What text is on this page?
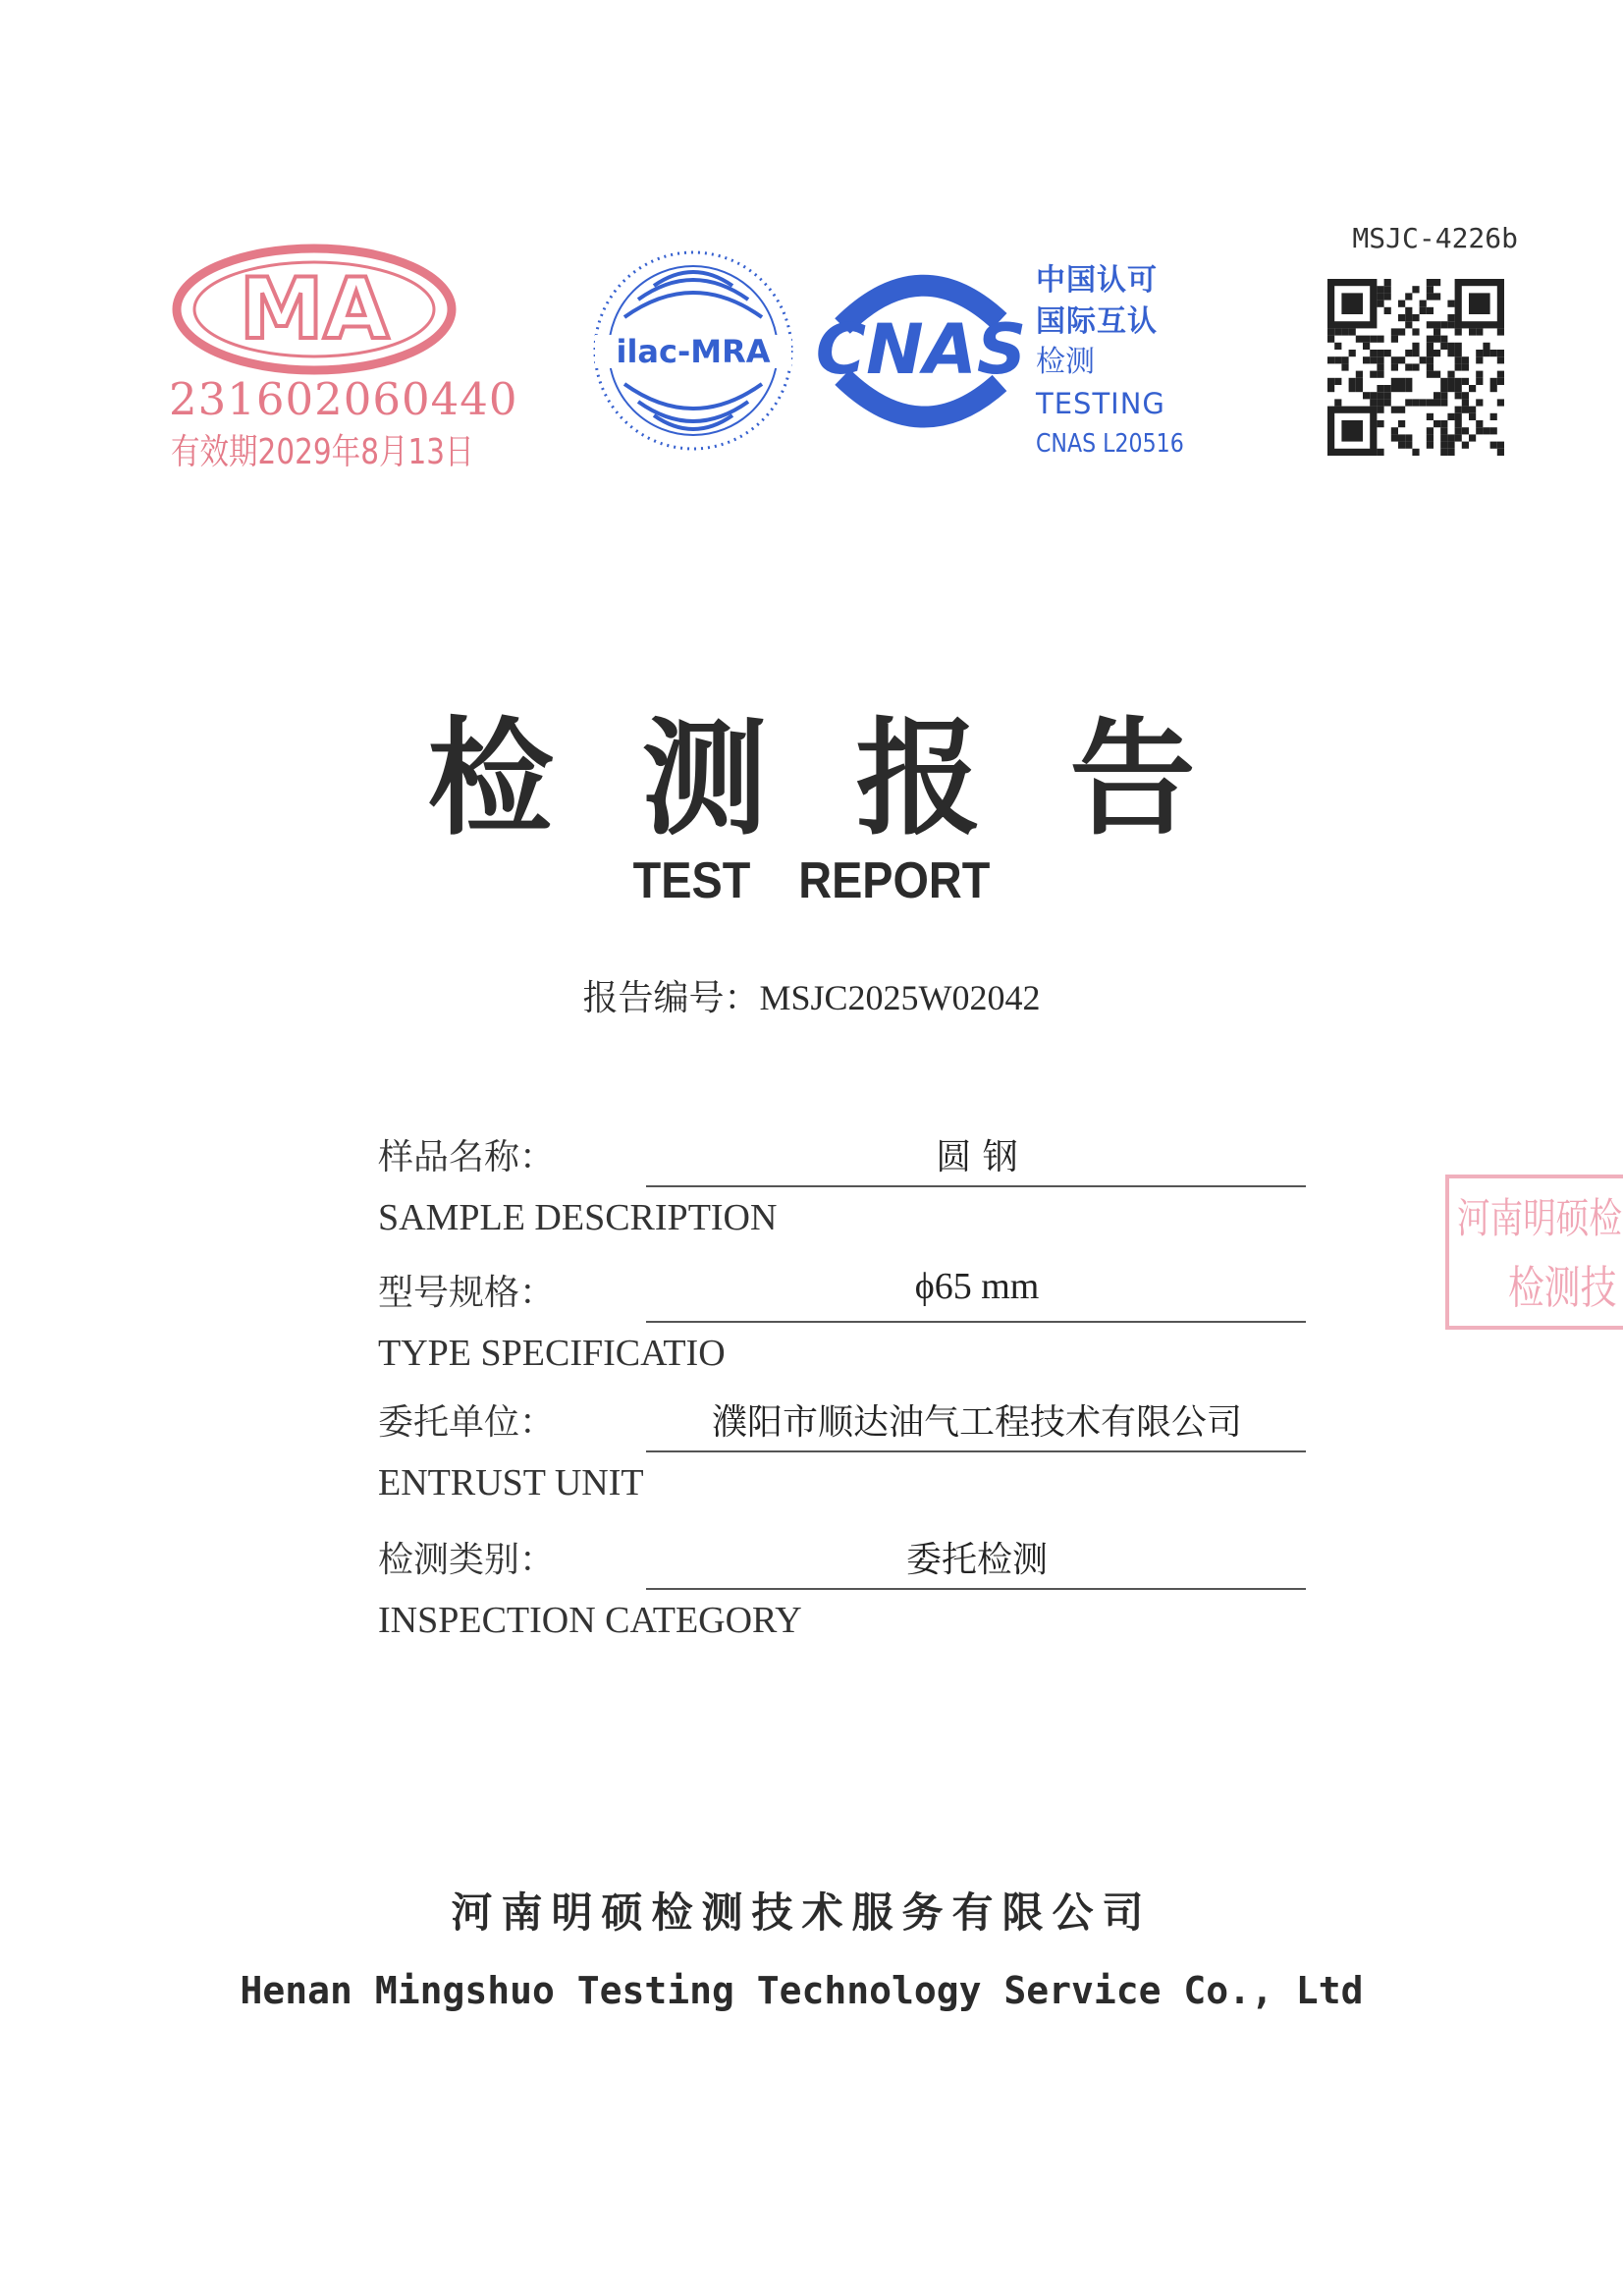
MA
231602060440
有效期2029年8月13日
ilac-MRA CNAS
中国认可
国际互认
检测
TESTING
CNAS L20516
MSJC-4226b
检测报告
TEST REPORT
报告编号：MSJC2025W02042
样品名称：	圆 钢
SAMPLE DESCRIPTION
型号规格：	ϕ65 mm
TYPE SPECIFICATIO
委托单位：	濮阳市顺达油气工程技术有限公司
ENTRUST UNIT
检测类别：	委托检测
INSPECTION CATEGORY
河南明硕检
检测技
河南明硕检测技术服务有限公司
Henan Mingshuo Testing Technology Service Co., Ltd
